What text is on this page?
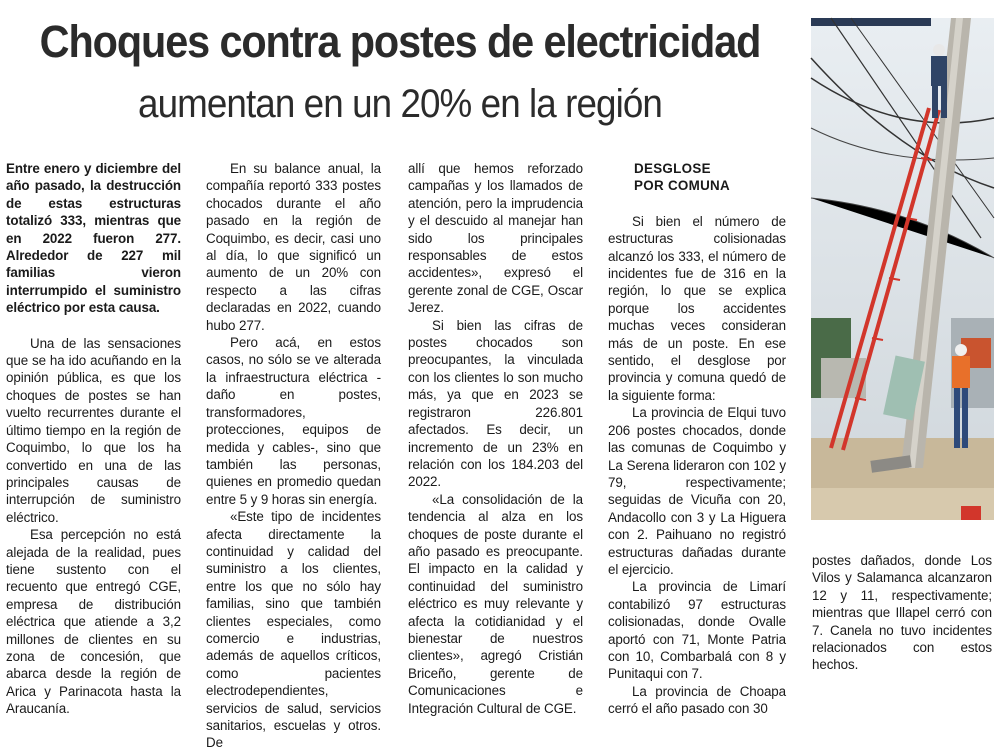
Choques contra postes de electricidad
aumentan en un 20% en la región

Entre enero y diciembre del año pasado, la destrucción de estas estructuras totalizó 333, mientras que en 2022 fueron 277. Alrededor de 227 mil familias vieron interrumpido el suministro eléctrico por esta causa.

Una de las sensaciones que se ha ido acuñando en la opinión pública, es que los choques de postes se han vuelto recurrentes durante el último tiempo en la región de Coquimbo, lo que los ha convertido en una de las principales causas de interrupción de suministro eléctrico.

Esa percepción no está alejada de la realidad, pues tiene sustento con el recuento que entregó CGE, empresa de distribución eléctrica que atiende a 3,2 millones de clientes en su zona de concesión, que abarca desde la región de Arica y Parinacota hasta la Araucanía.

En su balance anual, la compañía reportó 333 postes chocados durante el año pasado en la región de Coquimbo, es decir, casi uno al día, lo que significó un aumento de un 20% con respecto a las cifras declaradas en 2022, cuando hubo 277.

Pero acá, en estos casos, no sólo se ve alterada la infraestructura eléctrica - daño en postes, transformadores, protecciones, equipos de medida y cables-, sino que también las personas, quienes en promedio quedan entre 5 y 9 horas sin energía.

«Este tipo de incidentes afecta directamente la continuidad y calidad del suministro a los clientes, entre los que no sólo hay familias, sino que también clientes especiales, como comercio e industrias, además de aquellos críticos, como pacientes electrodependientes, servicios de salud, servicios sanitarios, escuelas y otros. De

allí que hemos reforzado campañas y los llamados de atención, pero la imprudencia y el descuido al manejar han sido los principales responsables de estos accidentes», expresó el gerente zonal de CGE, Oscar Jerez.

Si bien las cifras de postes chocados son preocupantes, la vinculada con los clientes lo son mucho más, ya que en 2023 se registraron 226.801 afectados. Es decir, un incremento de un 23% en relación con los 184.203 del 2022.

«La consolidación de la tendencia al alza en los choques de poste durante el año pasado es preocupante. El impacto en la calidad y continuidad del suministro eléctrico es muy relevante y afecta la cotidianidad y el bienestar de nuestros clientes», agregó Cristián Briceño, gerente de Comunicaciones e Integración Cultural de CGE.

DESGLOSE

POR COMUNA

Si bien el número de estructuras colisionadas alcanzó los 333, el número de incidentes fue de 316 en la región, lo que se explica porque los accidentes muchas veces consideran más de un poste. En ese sentido, el desglose por provincia y comuna quedó de la siguiente forma:

La provincia de Elqui tuvo 206 postes chocados, donde las comunas de Coquimbo y La Serena lideraron con 102 y 79, respectivamente; seguidas de Vicuña con 20, Andacollo con 3 y La Higuera con 2. Paihuano no registró estructuras dañadas durante el ejercicio.

La provincia de Limarí contabilizó 97 estructuras colisionadas, donde Ovalle aportó con 71, Monte Patria con 10, Combarbalá con 8 y Punitaqui con 7.

La provincia de Choapa cerró el año pasado con 30

postes dañados, donde Los Vilos y Salamanca alcanzaron 12 y 11, respectivamente; mientras que Illapel cerró con 7. Canela no tuvo incidentes relacionados con estos hechos.
